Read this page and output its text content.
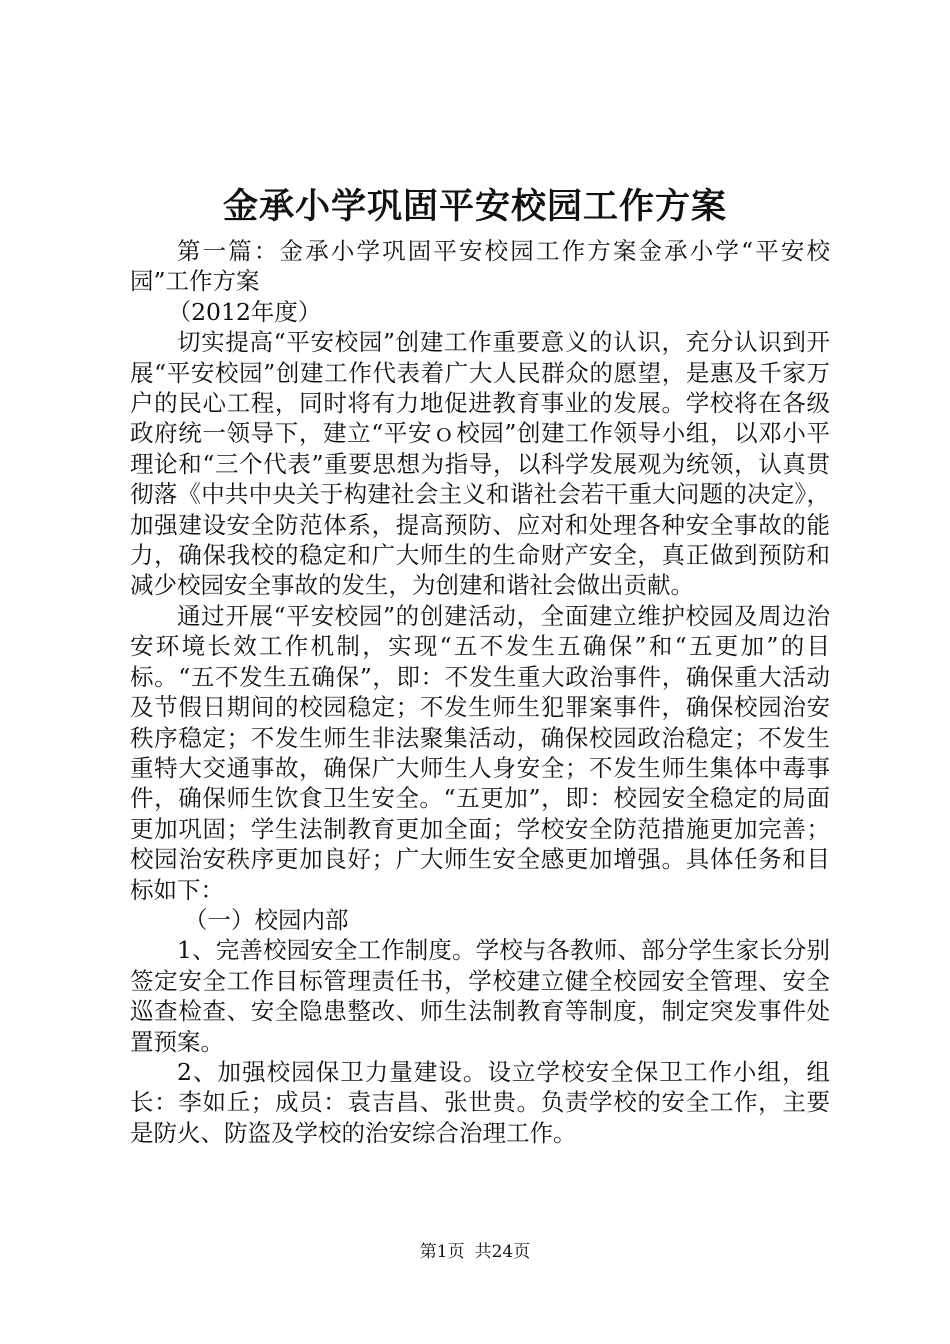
金承小学巩固平安校园工作方案

第一篇：金承小学巩固平安校园工作方案金承小学“平安校园”工作方案

（2012年度）

切实提高“平安校园”创建工作重要意义的认识，充分认识到开展“平安校园”创建工作代表着广大人民群众的愿望，是惠及千家万户的民心工程，同时将有力地促进教育事业的发展。学校将在各级政府统一领导下，建立“平安ｏ校园”创建工作领导小组，以邓小平理论和“三个代表”重要思想为指导，以科学发展观为统领，认真贯彻落《中共中央关于构建社会主义和谐社会若干重大问题的决定》，加强建设安全防范体系，提高预防、应对和处理各种安全事故的能力，确保我校的稳定和广大师生的生命财产安全，真正做到预防和减少校园安全事故的发生，为创建和谐社会做出贡献。

通过开展“平安校园”的创建活动，全面建立维护校园及周边治安环境长效工作机制，实现“五不发生五确保”和“五更加”的目标。“五不发生五确保”，即：不发生重大政治事件，确保重大活动及节假日期间的校园稳定；不发生师生犯罪案事件，确保校园治安秩序稳定；不发生师生非法聚集活动，确保校园政治稳定；不发生重特大交通事故，确保广大师生人身安全；不发生师生集体中毒事件，确保师生饮食卫生安全。“五更加”，即：校园安全稳定的局面更加巩固；学生法制教育更加全面；学校安全防范措施更加完善；校园治安秩序更加良好；广大师生安全感更加增强。具体任务和目标如下：

（一）校园内部

1、完善校园安全工作制度。学校与各教师、部分学生家长分别签定安全工作目标管理责任书，学校建立健全校园安全管理、安全巡查检查、安全隐患整改、师生法制教育等制度，制定突发事件处置预案。

2、加强校园保卫力量建设。设立学校安全保卫工作小组，组长：李如丘；成员：袁吉昌、张世贵。负责学校的安全工作，主要是防火、防盗及学校的治安综合治理工作。

第1页 共24页
